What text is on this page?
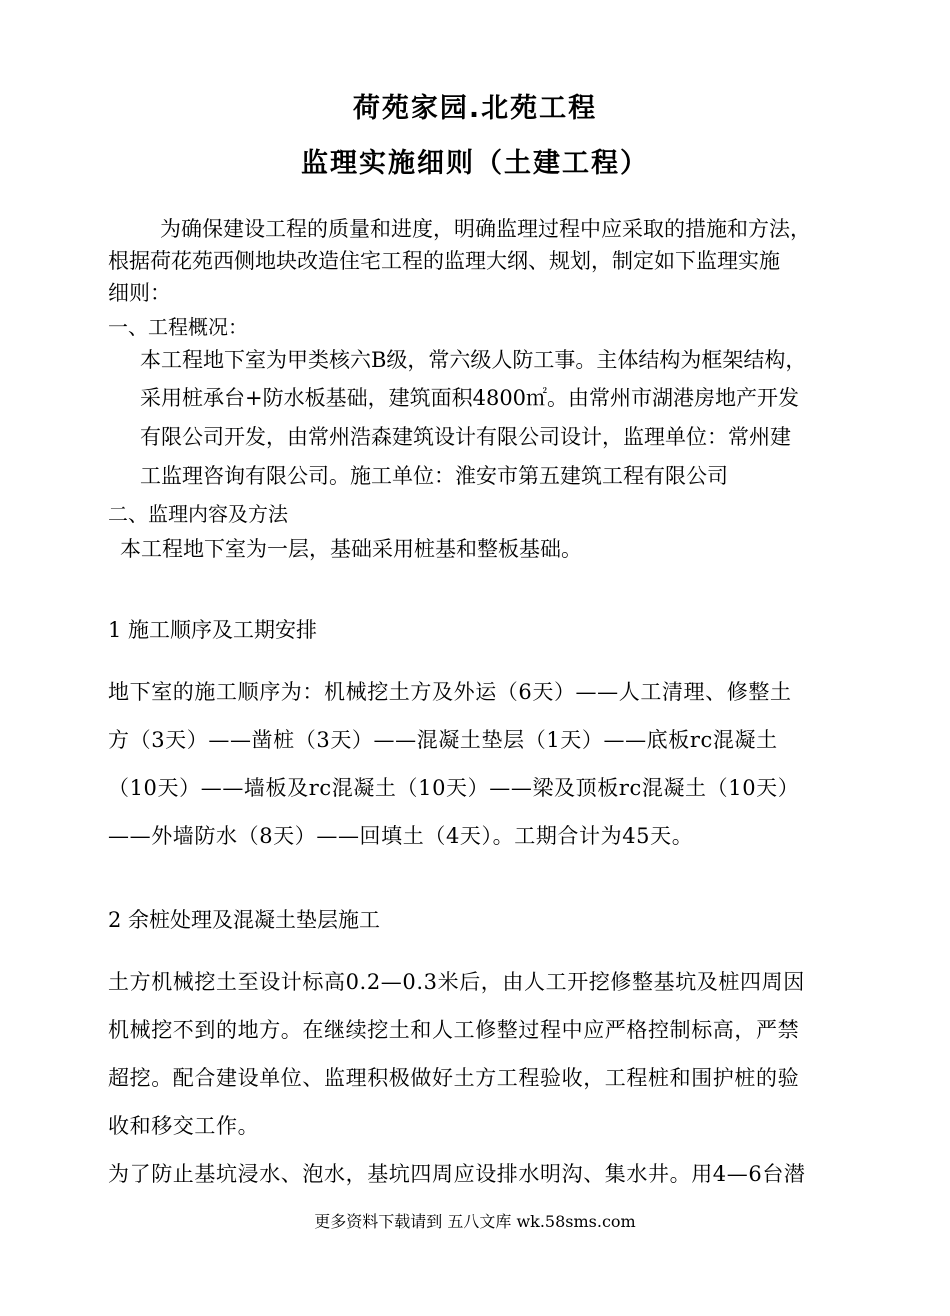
荷苑家园.北苑工程
监理实施细则（土建工程）
为确保建设工程的质量和进度，明确监理过程中应采取的措施和方法，
根据荷花苑西侧地块改造住宅工程的监理大纲、规划，制定如下监理实施
细则：
一、工程概况：
本工程地下室为甲类核六B级，常六级人防工事。主体结构为框架结构，
采用桩承台+防水板基础，建筑面积4800㎡。由常州市湖港房地产开发
有限公司开发，由常州浩森建筑设计有限公司设计，监理单位：常州建
工监理咨询有限公司。施工单位：淮安市第五建筑工程有限公司
二、监理内容及方法
本工程地下室为一层，基础采用桩基和整板基础。
1 施工顺序及工期安排
地下室的施工顺序为：机械挖土方及外运（6天）——人工清理、修整土
方（3天）——凿桩（3天）——混凝土垫层（1天）——底板rc混凝土
（10天）——墙板及rc混凝土（10天）——梁及顶板rc混凝土（10天）
——外墙防水（8天）——回填土（4天）。工期合计为45天。
2 余桩处理及混凝土垫层施工
土方机械挖土至设计标高0.2—0.3米后，由人工开挖修整基坑及桩四周因
机械挖不到的地方。在继续挖土和人工修整过程中应严格控制标高，严禁
超挖。配合建设单位、监理积极做好土方工程验收，工程桩和围护桩的验
收和移交工作。
为了防止基坑浸水、泡水，基坑四周应设排水明沟、集水井。用4—6台潜
更多资料下载请到 五八文库 wk.58sms.com
